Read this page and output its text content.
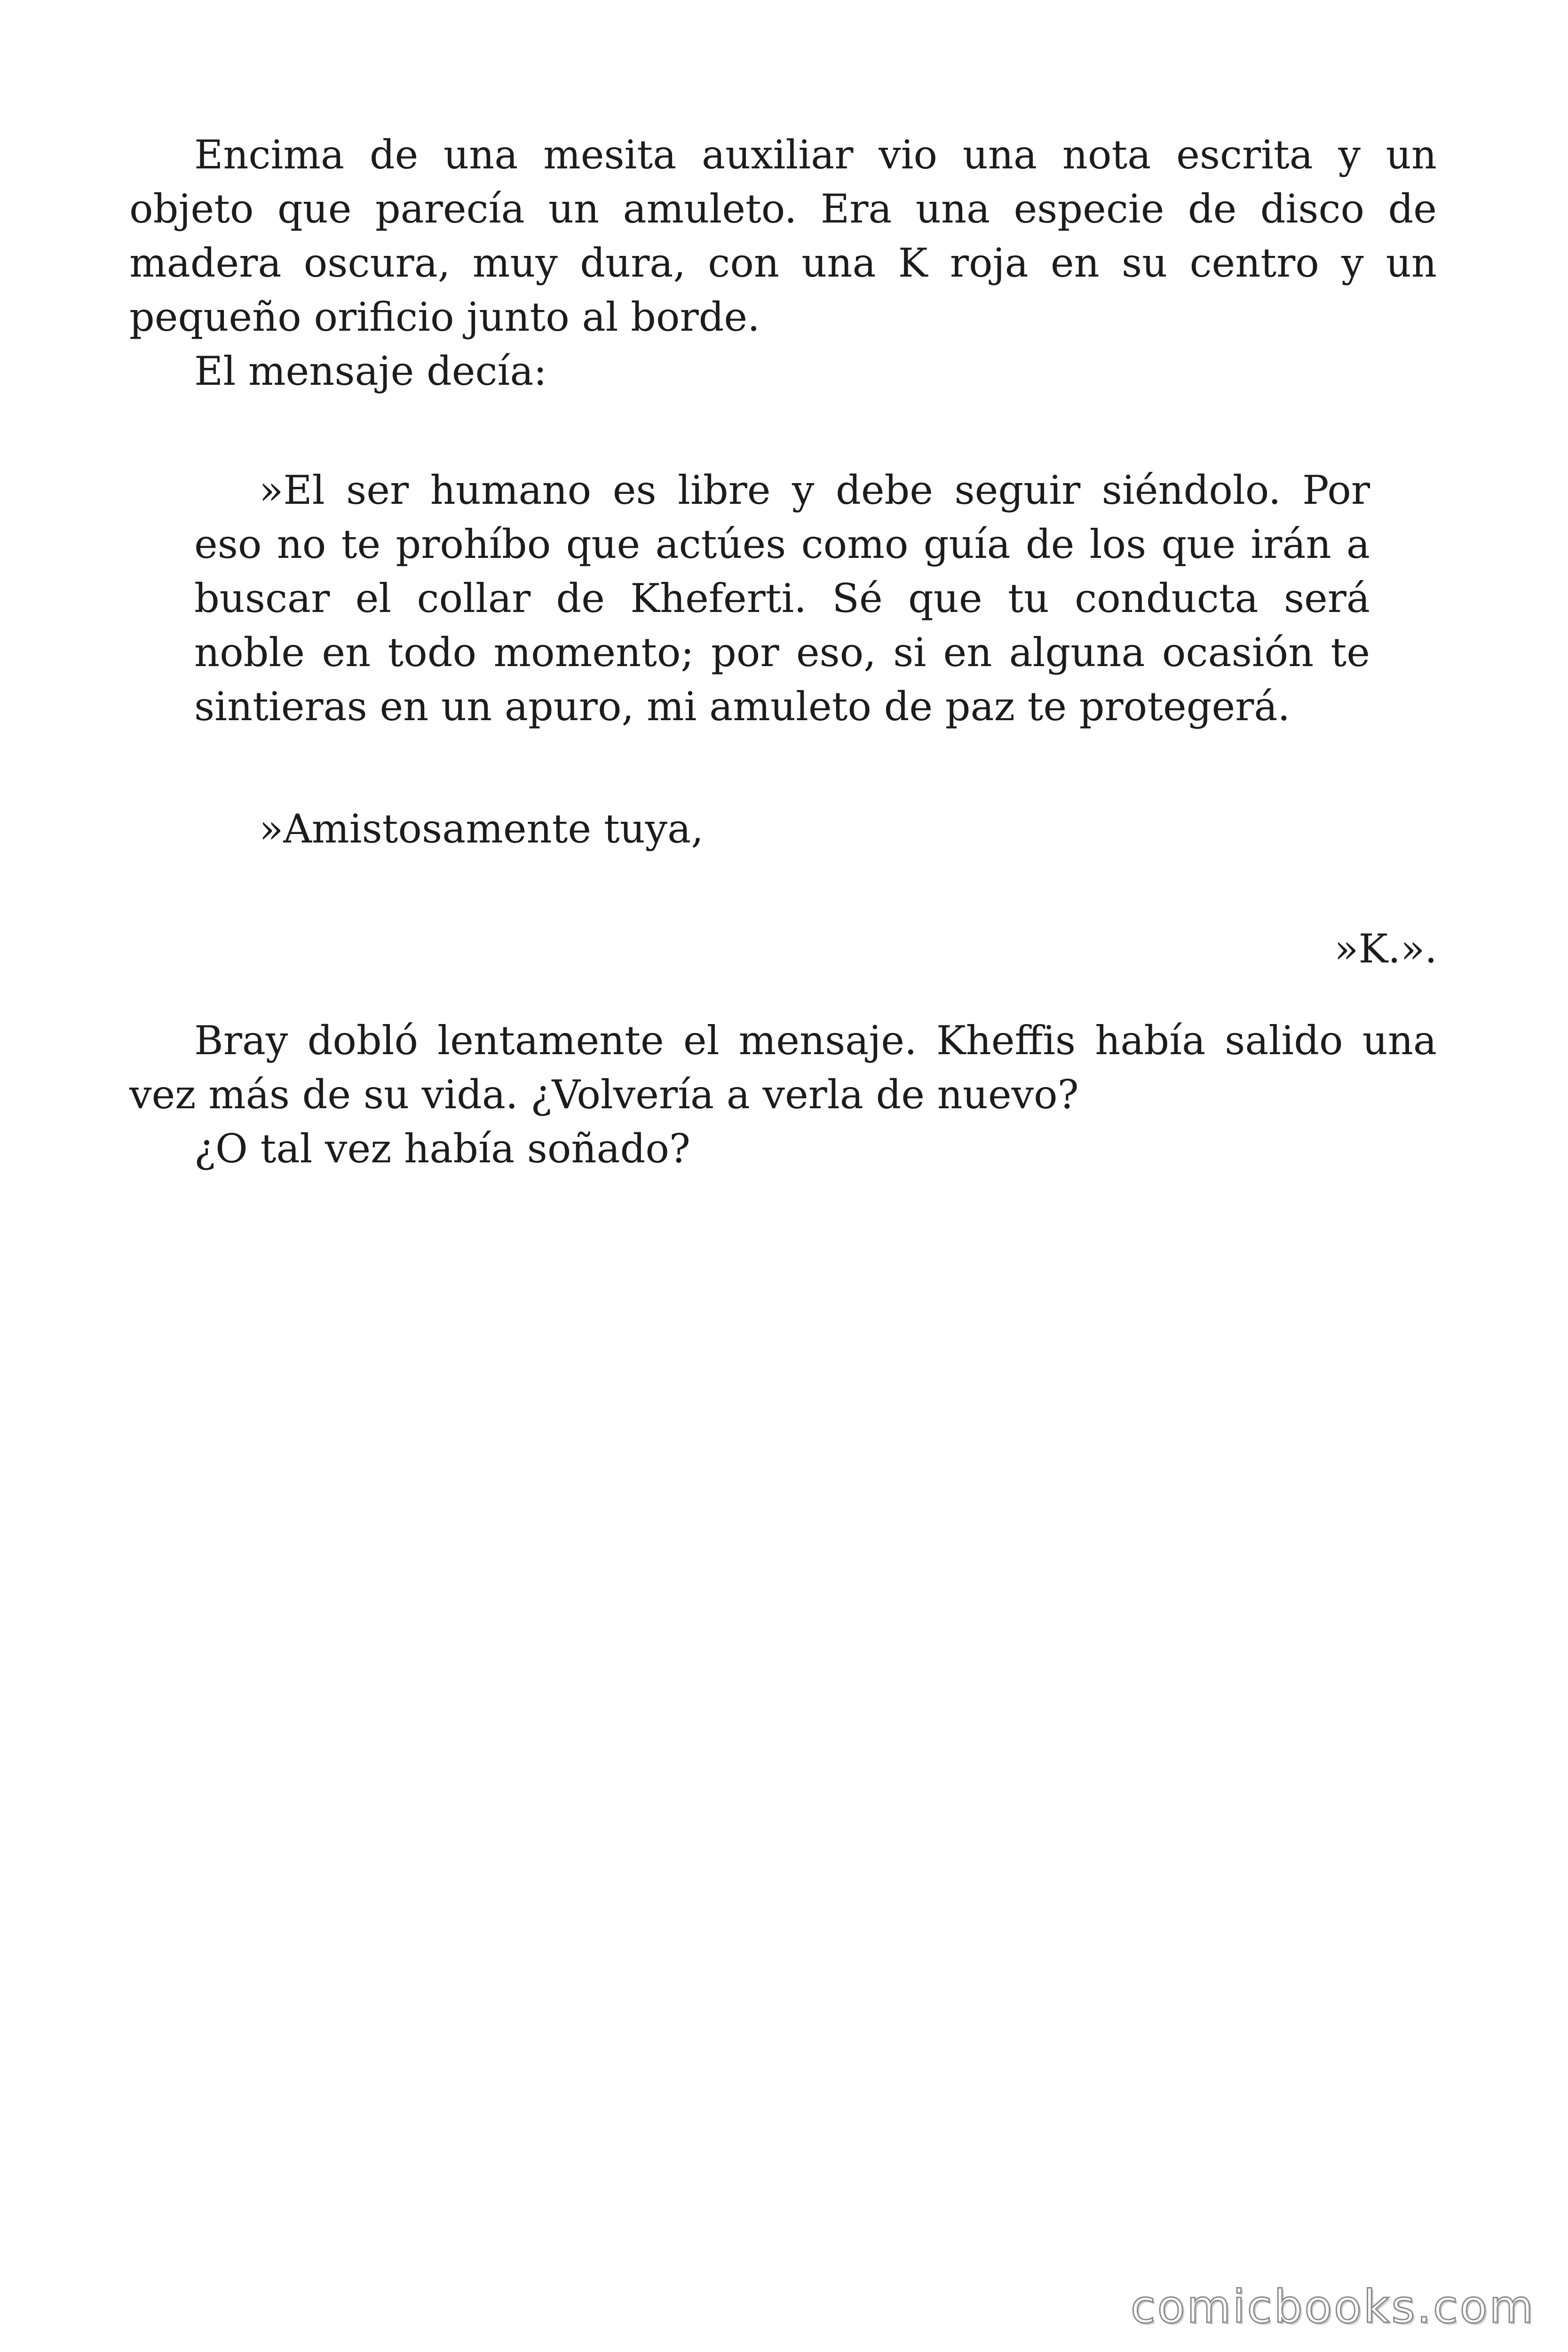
Encima de una mesita auxiliar vio una nota escrita y un objeto que parecía un amuleto. Era una especie de disco de madera oscura, muy dura, con una K roja en su centro y un pequeño orificio junto al borde.

El mensaje decía:

»El ser humano es libre y debe seguir siéndolo. Por eso no te prohíbo que actúes como guía de los que irán a buscar el collar de Kheferti. Sé que tu conducta será noble en todo momento; por eso, si en alguna ocasión te sintieras en un apuro, mi amuleto de paz te protegerá.

»Amistosamente tuya,

»K.».

Bray dobló lentamente el mensaje. Kheffis había salido una vez más de su vida. ¿Volvería a verla de nuevo?

¿O tal vez había soñado?

comicbooks.com
